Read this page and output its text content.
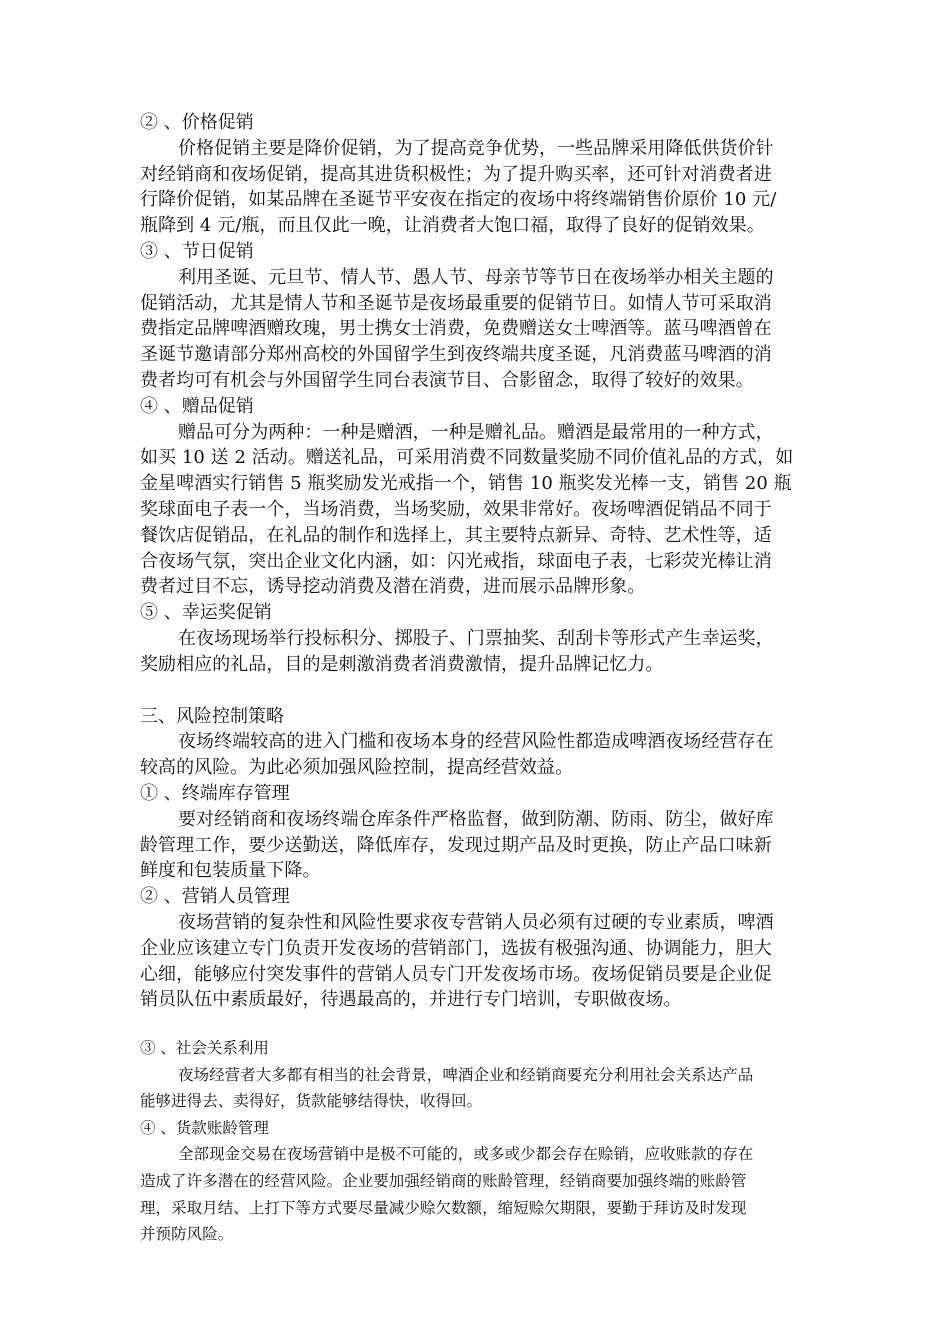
② 、价格促销
价格促销主要是降价促销，为了提高竞争优势，一些品牌采用降低供货价针
对经销商和夜场促销，提高其进货积极性；为了提升购买率，还可针对消费者进
行降价促销，如某品牌在圣诞节平安夜在指定的夜场中将终端销售价原价 10 元/
瓶降到 4 元/瓶，而且仅此一晚，让消费者大饱口福，取得了良好的促销效果。
③ 、节日促销
利用圣诞、元旦节、情人节、愚人节、母亲节等节日在夜场举办相关主题的
促销活动，尤其是情人节和圣诞节是夜场最重要的促销节日。如情人节可采取消
费指定品牌啤酒赠玫瑰，男士携女士消费，免费赠送女士啤酒等。蓝马啤酒曾在
圣诞节邀请部分郑州高校的外国留学生到夜终端共度圣诞，凡消费蓝马啤酒的消
费者均可有机会与外国留学生同台表演节目、合影留念，取得了较好的效果。
④ 、赠品促销
赠品可分为两种：一种是赠酒，一种是赠礼品。赠酒是最常用的一种方式，
如买 10 送 2 活动。赠送礼品，可采用消费不同数量奖励不同价值礼品的方式，如
金星啤酒实行销售 5 瓶奖励发光戒指一个，销售 10 瓶奖发光棒一支，销售 20 瓶
奖球面电子表一个，当场消费，当场奖励，效果非常好。夜场啤酒促销品不同于
餐饮店促销品，在礼品的制作和选择上，其主要特点新异、奇特、艺术性等，适
合夜场气氛，突出企业文化内涵，如：闪光戒指，球面电子表，七彩荧光棒让消
费者过目不忘，诱导挖动消费及潜在消费，进而展示品牌形象。
⑤ 、幸运奖促销
在夜场现场举行投标积分、掷股子、门票抽奖、刮刮卡等形式产生幸运奖，
奖励相应的礼品，目的是刺激消费者消费激情，提升品牌记忆力。
三、风险控制策略
夜场终端较高的进入门槛和夜场本身的经营风险性都造成啤酒夜场经营存在
较高的风险。为此必须加强风险控制，提高经营效益。
① 、终端库存管理
要对经销商和夜场终端仓库条件严格监督，做到防潮、防雨、防尘，做好库
龄管理工作，要少送勤送，降低库存，发现过期产品及时更换，防止产品口味新
鲜度和包装质量下降。
② 、营销人员管理
夜场营销的复杂性和风险性要求夜专营销人员必须有过硬的专业素质，啤酒
企业应该建立专门负责开发夜场的营销部门，选拔有极强沟通、协调能力，胆大
心细，能够应付突发事件的营销人员专门开发夜场市场。夜场促销员要是企业促
销员队伍中素质最好，待遇最高的，并进行专门培训，专职做夜场。
③ 、社会关系利用
夜场经营者大多都有相当的社会背景，啤酒企业和经销商要充分利用社会关系达产品
能够进得去、卖得好，货款能够结得快，收得回。
④ 、货款账龄管理
全部现金交易在夜场营销中是极不可能的，或多或少都会存在赊销，应收账款的存在
造成了许多潜在的经营风险。企业要加强经销商的账龄管理，经销商要加强终端的账龄管
理，采取月结、上打下等方式要尽量减少赊欠数额，缩短赊欠期限，要勤于拜访及时发现
并预防风险。
